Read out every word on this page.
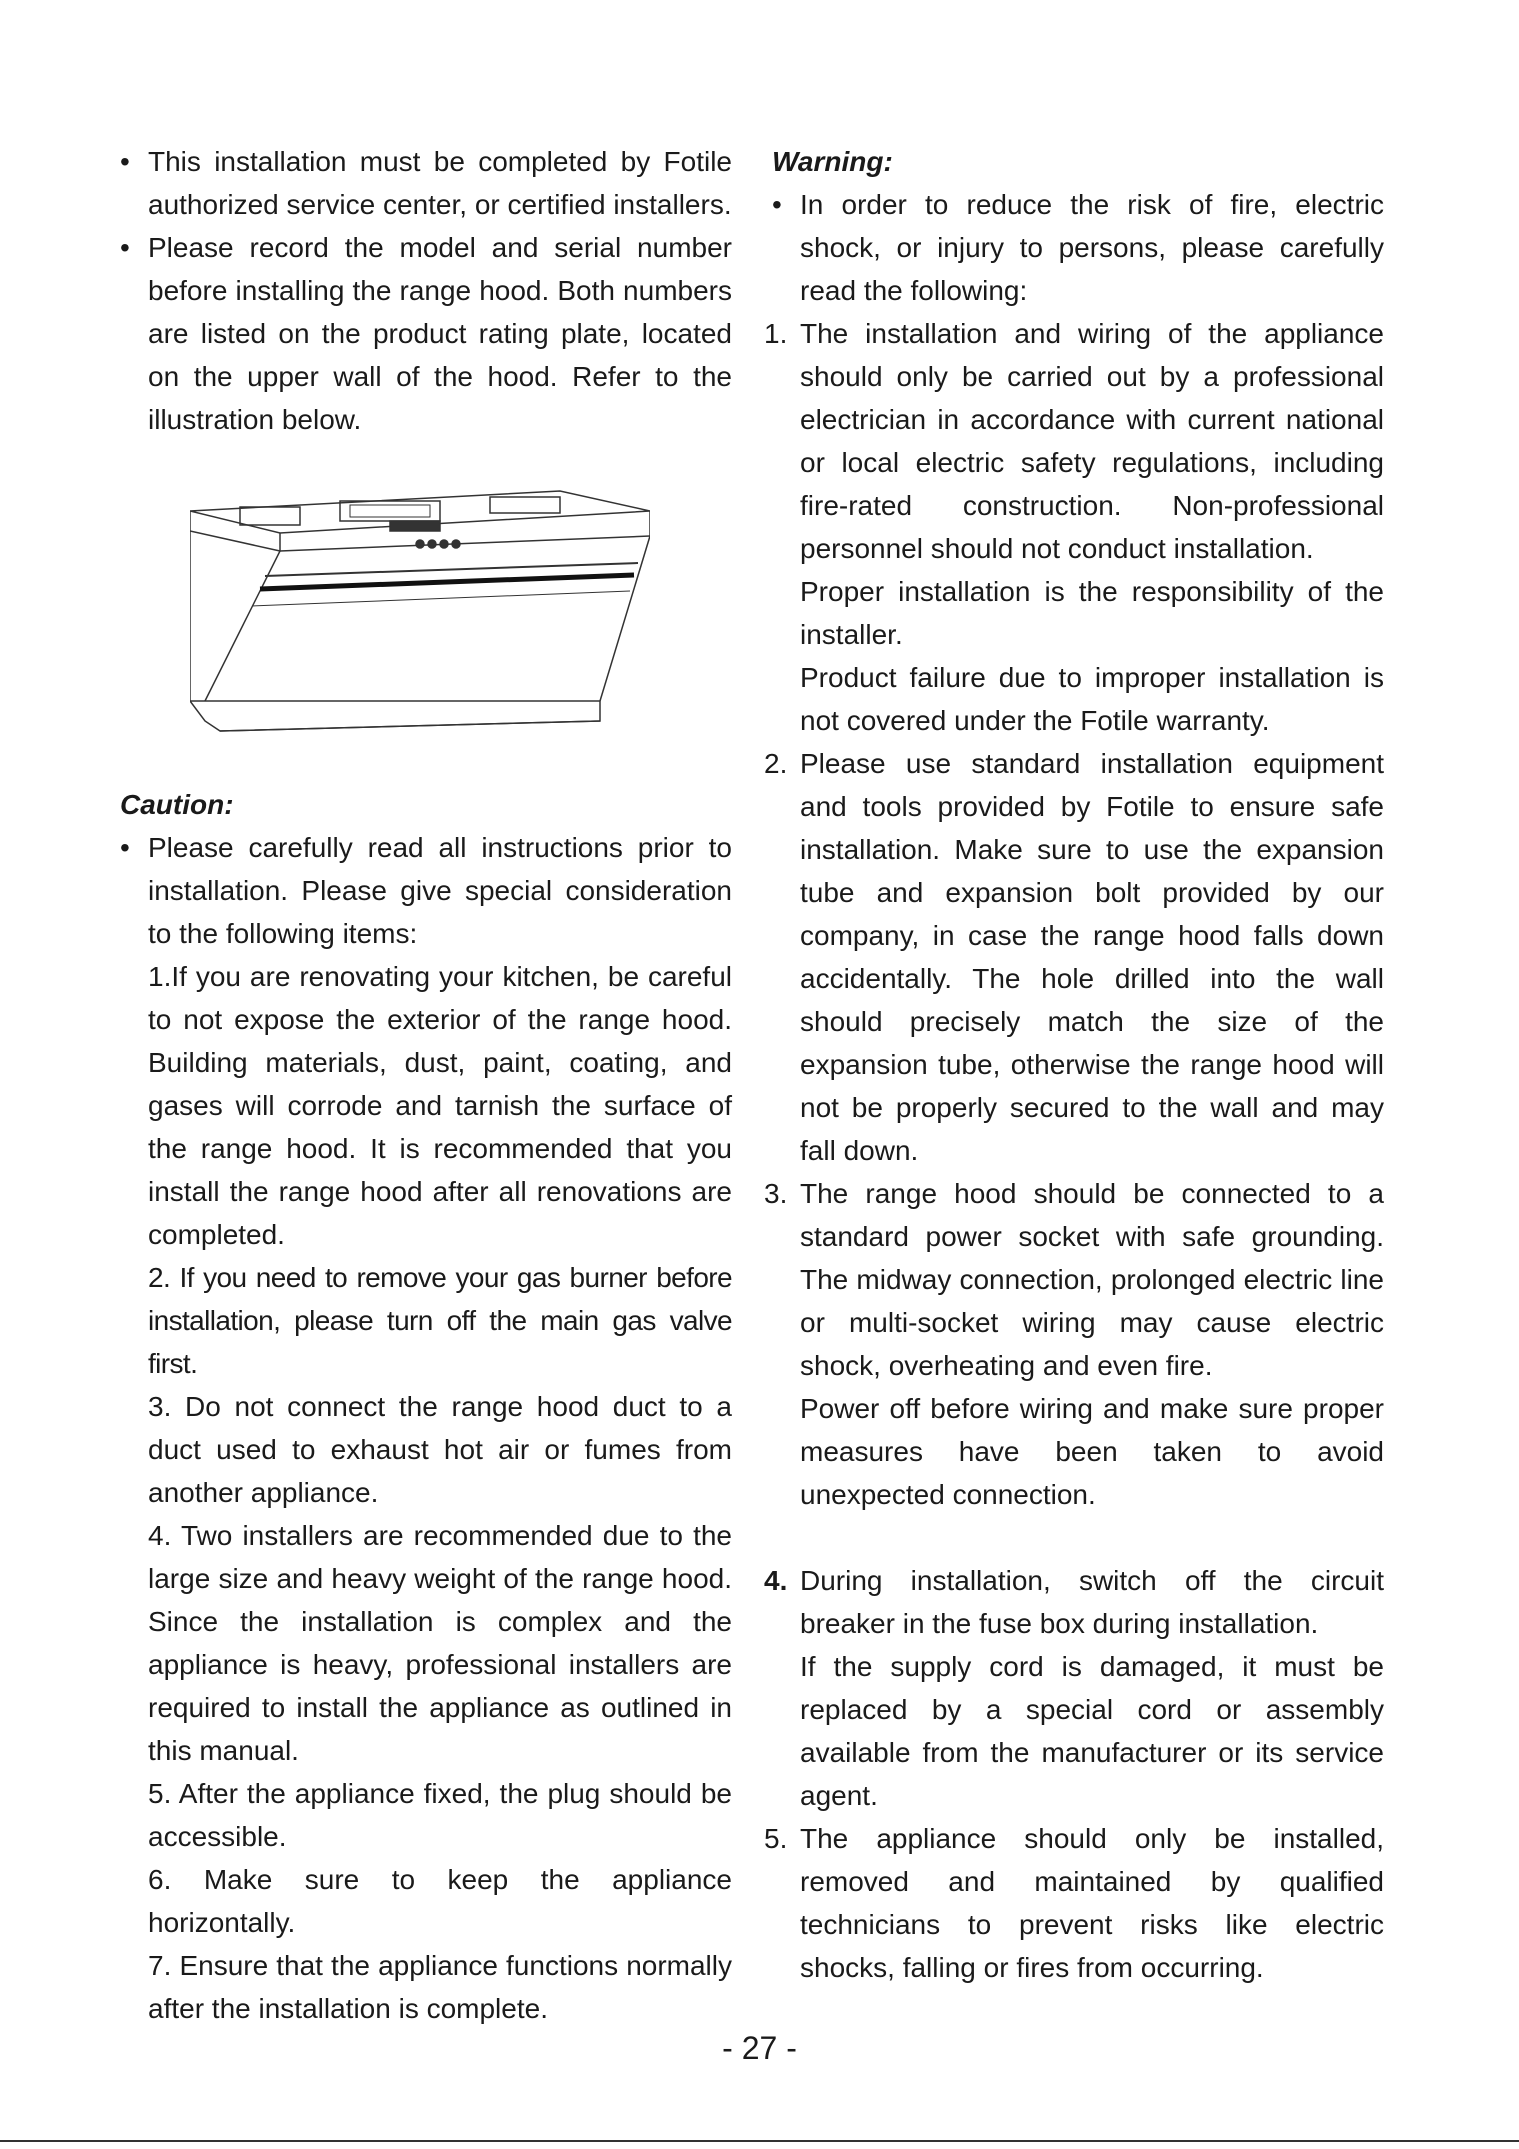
• This installation must be completed by Fotile authorized service center, or certified installers.
• Please record the model and serial number before installing the range hood. Both numbers are listed on the product rating plate, located on the upper wall of the hood. Refer to the illustration below.

Caution:

• Please carefully read all instructions prior to installation. Please give special consideration to the following items:
1.If you are renovating your kitchen, be careful to not expose the exterior of the range hood. Building materials, dust, paint, coating, and gases will corrode and tarnish the surface of the range hood. It is recommended that you install the range hood after all renovations are completed.
2. If you need to remove your gas burner before installation, please turn off the main gas valve first.
3. Do not connect the range hood duct to a duct used to exhaust hot air or fumes from another appliance.
4. Two installers are recommended due to the large size and heavy weight of the range hood. Since the installation is complex and the appliance is heavy, professional installers are required to install the appliance as outlined in this manual.
5. After the appliance fixed, the plug should be accessible.
6. Make sure to keep the appliance horizontally.
7. Ensure that the appliance functions normally after the installation is complete.

Warning:

• In order to reduce the risk of fire, electric shock, or injury to persons, please carefully read the following:
1. The installation and wiring of the appliance should only be carried out by a professional electrician in accordance with current national or local electric safety regulations, including fire-rated construction. Non-professional personnel should not conduct installation.
Proper installation is the responsibility of the installer.
Product failure due to improper installation is not covered under the Fotile warranty.
2. Please use standard installation equipment and tools provided by Fotile to ensure safe installation. Make sure to use the expansion tube and expansion bolt provided by our company, in case the range hood falls down accidentally. The hole drilled into the wall should precisely match the size of the expansion tube, otherwise the range hood will not be properly secured to the wall and may fall down.
3. The range hood should be connected to a standard power socket with safe grounding. The midway connection, prolonged electric line or multi-socket wiring may cause electric shock, overheating and even fire.
Power off before wiring and make sure proper measures have been taken to avoid unexpected connection.
4. During installation, switch off the circuit breaker in the fuse box during installation.
If the supply cord is damaged, it must be replaced by a special cord or assembly available from the manufacturer or its service agent.
5. The appliance should only be installed, removed and maintained by qualified technicians to prevent risks like electric shocks, falling or fires from occurring.
- 27 -
